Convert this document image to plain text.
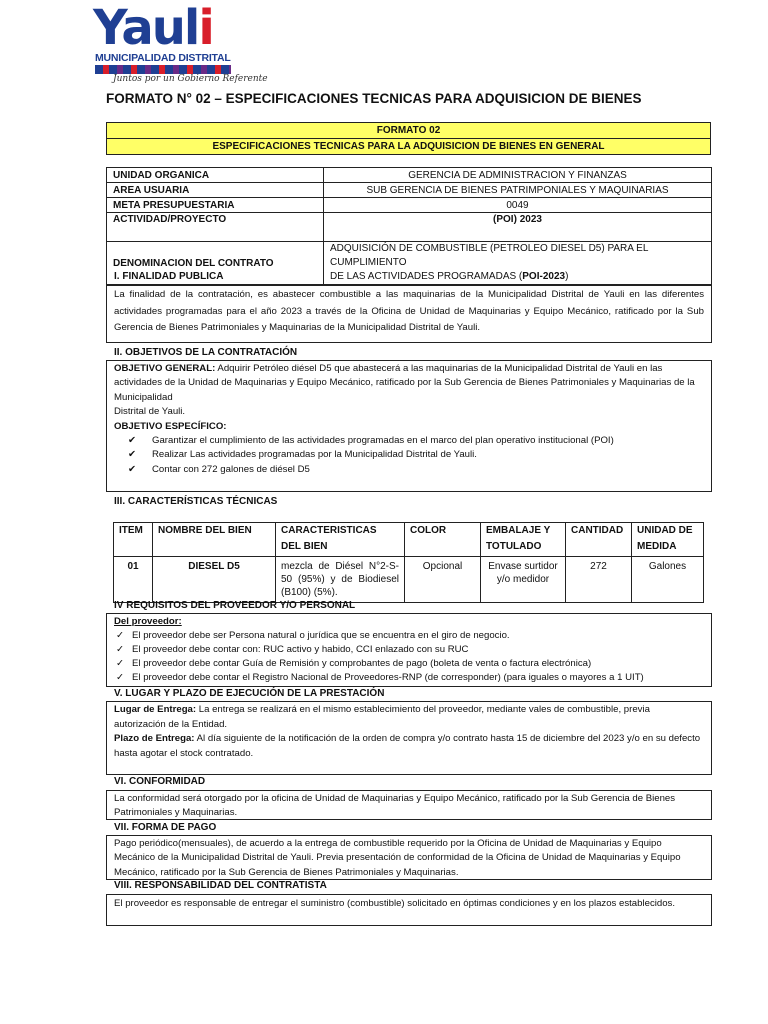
Yauli
MUNICIPALIDAD DISTRITAL
Juntos por un Gobierno Referente
FORMATO N° 02 – ESPECIFICACIONES TECNICAS PARA ADQUISICION DE BIENES
FORMATO 02
ESPECIFICACIONES TECNICAS PARA LA ADQUISICION DE BIENES EN GENERAL
UNIDAD ORGANICA	GERENCIA DE ADMINISTRACION Y FINANZAS
AREA USUARIA	SUB GERENCIA DE BIENES PATRIMPONIALES Y MAQUINARIAS
META PRESUPUESTARIA	0049
ACTIVIDAD/PROYECTO	(POI) 2023
DENOMINACION DEL CONTRATO	ADQUISICIÓN DE COMBUSTIBLE (PETROLEO DIESEL D5) PARA EL CUMPLIMIENTO
DE LAS ACTIVIDADES PROGRAMADAS (POI-2023)
I. FINALIDAD PUBLICA
La finalidad de la contratación, es abastecer combustible a las maquinarias de la Municipalidad Distrital de Yauli en las diferentes actividades programadas para el año 2023 a través de la Oficina de Unidad de Maquinarias y Equipo Mecánico, ratificado por la Sub Gerencia de Bienes Patrimoniales y Maquinarias de la Municipalidad Distrital de Yauli.
II. OBJETIVOS DE LA CONTRATACIÓN
OBJETIVO GENERAL: Adquirir Petróleo diésel D5 que abastecerá a las maquinarias de la Municipalidad Distrital de Yauli en las actividades de la Unidad de Maquinarias y Equipo Mecánico, ratificado por la Sub Gerencia de Bienes Patrimoniales y Maquinarias de la Municipalidad
Distrital de Yauli.
OBJETIVO ESPECÍFICO:
✔ Garantizar el cumplimiento de las actividades programadas en el marco del plan operativo institucional (POI)
✔ Realizar Las actividades programadas por la Municipalidad Distrital de Yauli.
✔ Contar con 272 galones de diésel D5
III. CARACTERÍSTICAS TÉCNICAS
ITEM	NOMBRE DEL BIEN	CARACTERISTICAS DEL BIEN	COLOR	EMBALAJE Y TOTULADO	CANTIDAD	UNIDAD DE MEDIDA
01	DIESEL D5	mezcla de Diésel N°2-S-50 (95%) y de Biodiesel (B100) (5%).	Opcional	Envase surtidor y/o medidor	272	Galones
IV REQUISITOS DEL PROVEEDOR Y/O PERSONAL
Del proveedor:
✓ El proveedor debe ser Persona natural o jurídica que se encuentra en el giro de negocio.
✓ El proveedor debe contar con: RUC activo y habido, CCI enlazado con su RUC
✓ El proveedor debe contar Guía de Remisión y comprobantes de pago (boleta de venta o factura electrónica)
✓ El proveedor debe contar el Registro Nacional de Proveedores-RNP (de corresponder) (para iguales o mayores a 1 UIT)
V. LUGAR Y PLAZO DE EJECUCIÓN DE LA PRESTACIÓN
Lugar de Entrega: La entrega se realizará en el mismo establecimiento del proveedor, mediante vales de combustible, previa autorización de la Entidad.
Plazo de Entrega: Al día siguiente de la notificación de la orden de compra y/o contrato hasta 15 de diciembre del 2023 y/o en su defecto hasta agotar el stock contratado.
VI. CONFORMIDAD
La conformidad será otorgado por la oficina de Unidad de Maquinarias y Equipo Mecánico, ratificado por la Sub Gerencia de Bienes Patrimoniales y Maquinarias.
VII. FORMA DE PAGO
Pago periódico(mensuales), de acuerdo a la entrega de combustible requerido por la Oficina de Unidad de Maquinarias y Equipo Mecánico de la Municipalidad Distrital de Yauli. Previa presentación de conformidad de la Oficina de Unidad de Maquinarias y Equipo Mecánico, ratificado por la Sub Gerencia de Bienes Patrimoniales y Maquinarias.
VIII. RESPONSABILIDAD DEL CONTRATISTA
El proveedor es responsable de entregar el suministro (combustible) solicitado en óptimas condiciones y en los plazos establecidos.
